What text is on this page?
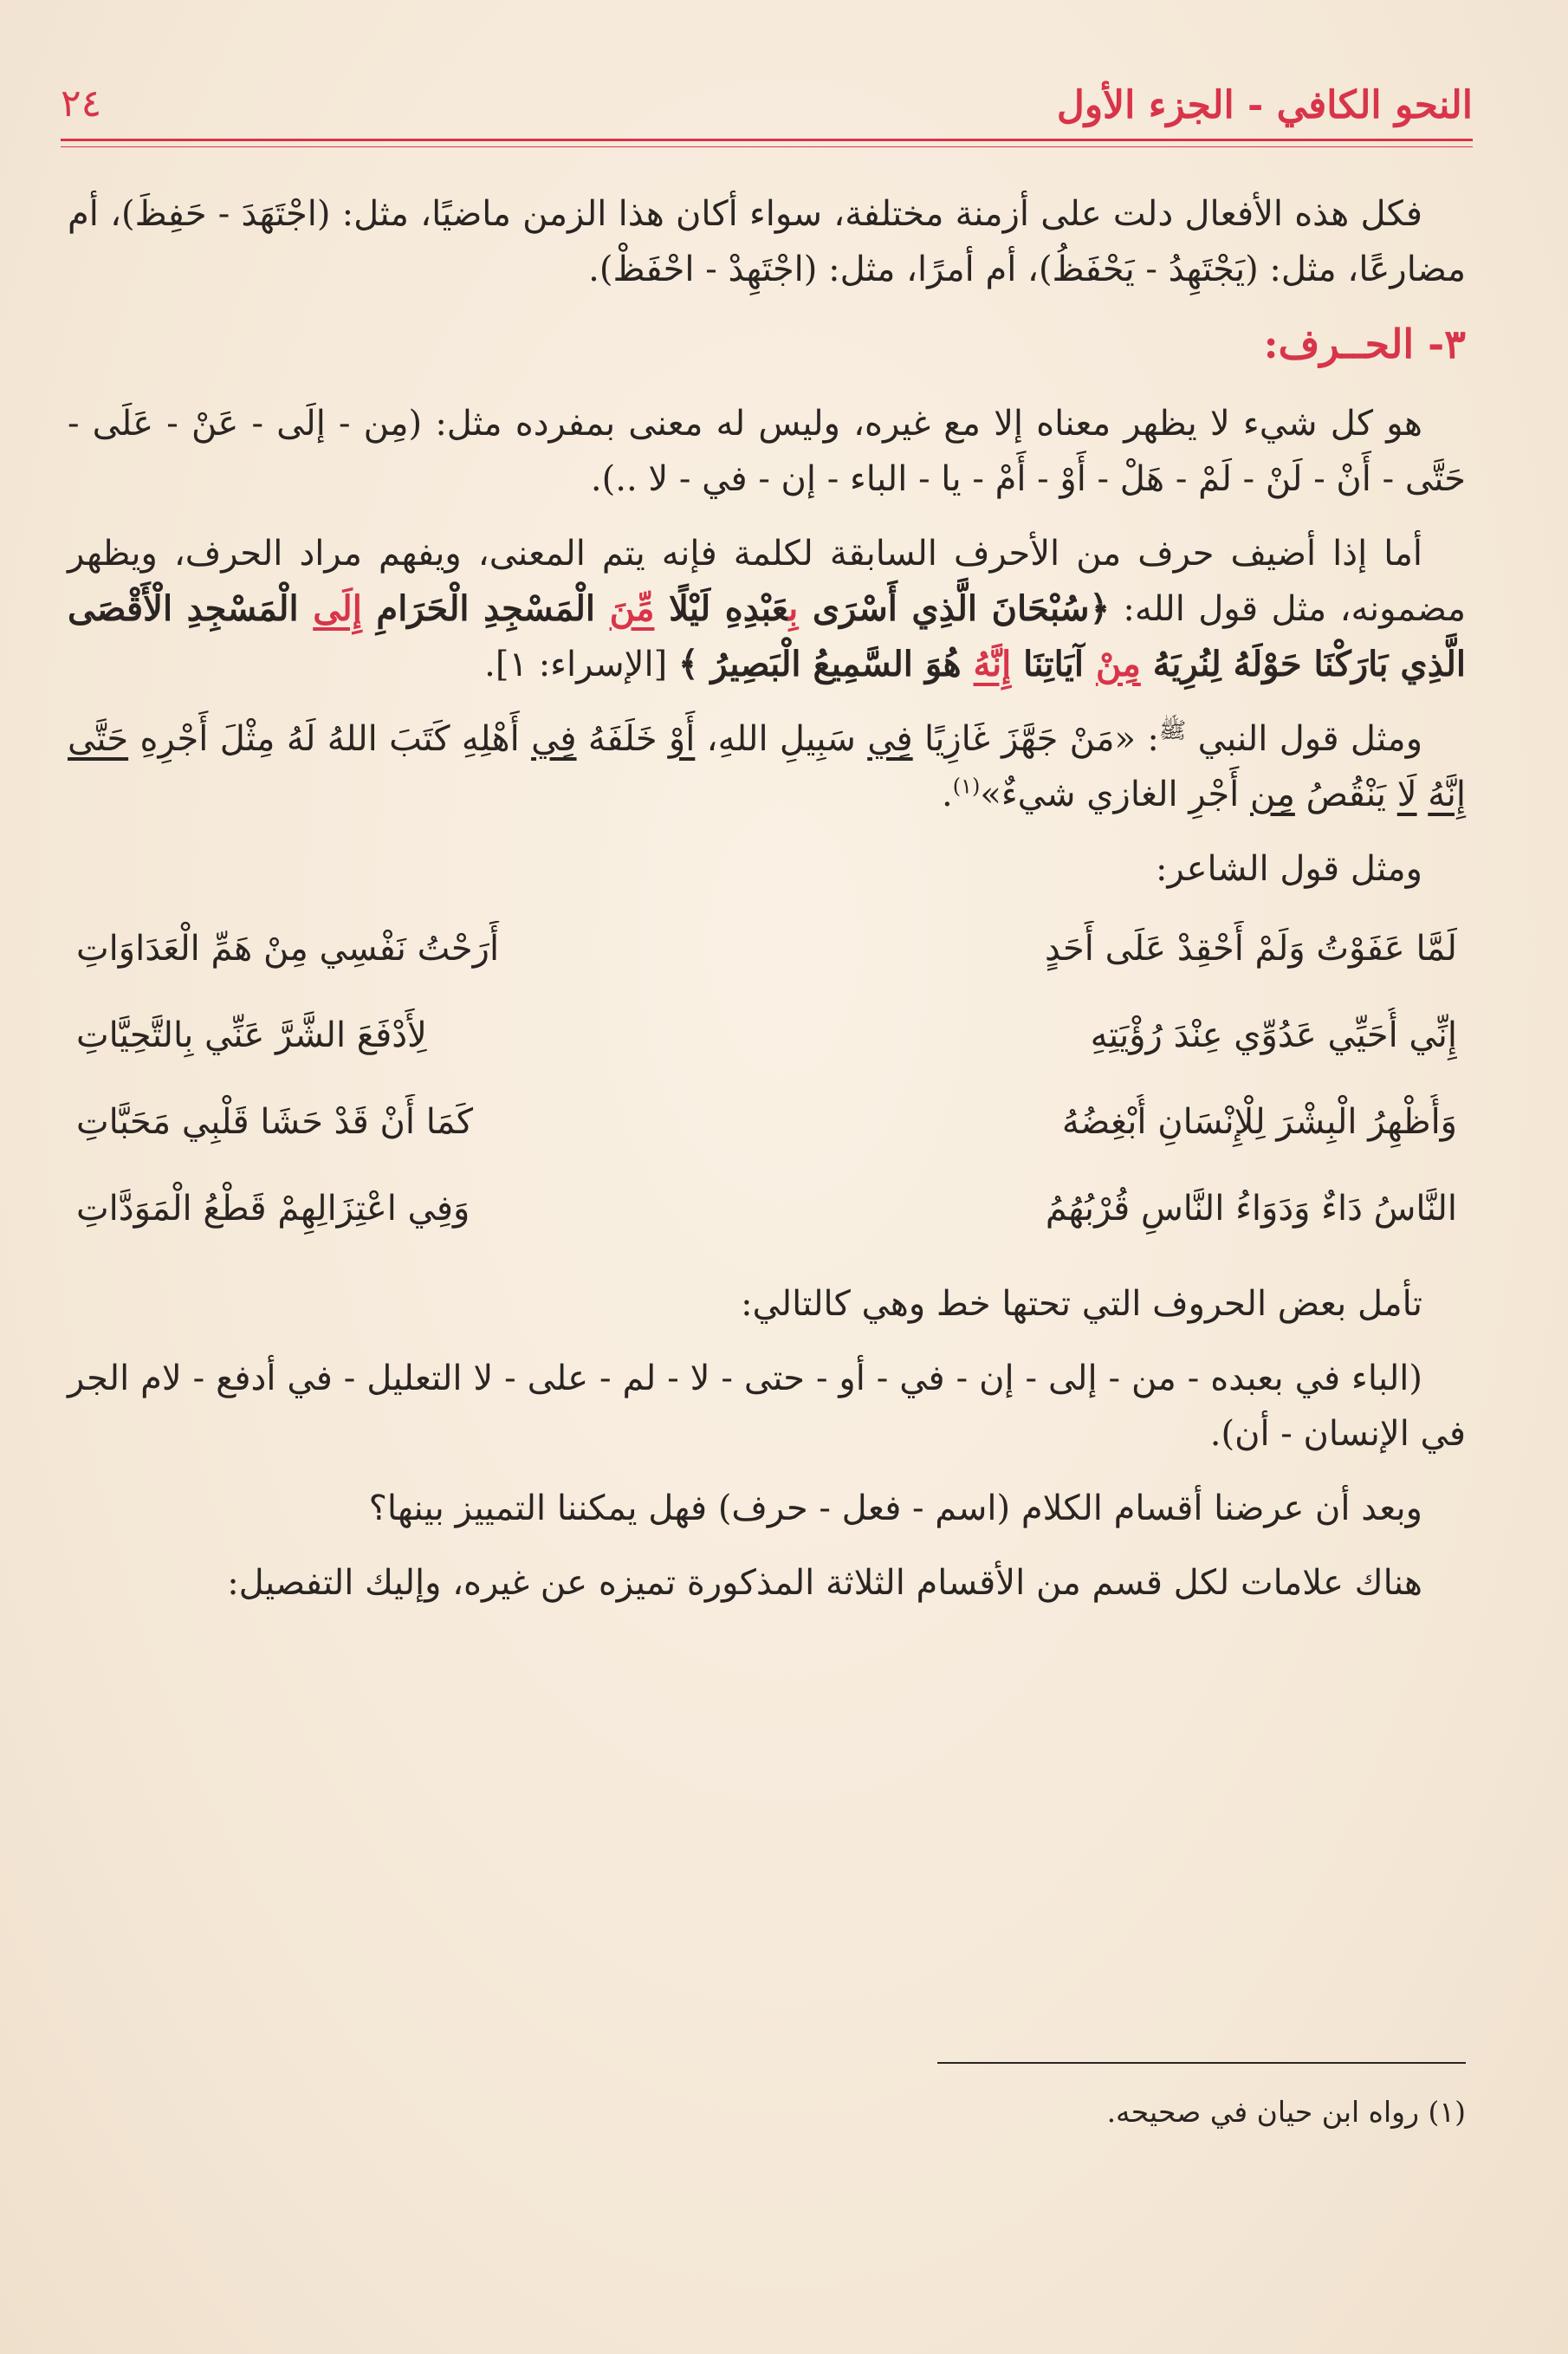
النحو الكافي - الجزء الأول
٢٤

فكل هذه الأفعال دلت على أزمنة مختلفة، سواء أكان هذا الزمن ماضيًا، مثل: (اجْتَهَدَ - حَفِظَ)، أم مضارعًا، مثل: (يَجْتَهِدُ - يَحْفَظُ)، أم أمرًا، مثل: (اجْتَهِدْ - احْفَظْ).

٣- الحــرف:

هو كل شيء لا يظهر معناه إلا مع غيره، وليس له معنى بمفرده مثل: (مِن - إلَى - عَنْ - عَلَى - حَتَّى - أَنْ - لَنْ - لَمْ - هَلْ - أَوْ - أَمْ - يا - الباء - إن - في - لا ..).

أما إذا أضيف حرف من الأحرف السابقة لكلمة فإنه يتم المعنى، ويفهم مراد الحرف، ويظهر مضمونه، مثل قول الله: ﴿سُبْحَانَ الَّذِي أَسْرَى بِعَبْدِهِ لَيْلًا مِّنَ الْمَسْجِدِ الْحَرَامِ إِلَى الْمَسْجِدِ الْأَقْصَى الَّذِي بَارَكْنَا حَوْلَهُ لِنُرِيَهُ مِنْ آيَاتِنَا إِنَّهُ هُوَ السَّمِيعُ الْبَصِيرُ ﴾ [الإسراء: ١].

ومثل قول النبي $^ﷺ$: «مَنْ جَهَّزَ غَازِيًا فِي سَبِيلِ اللهِ، أَوْ خَلَفَهُ فِي أَهْلِهِ كَتَبَ اللهُ لَهُ مِثْلَ أَجْرِهِ حَتَّى إِنَّهُ لَا يَنْقُصُ مِن أَجْرِ الغازي شيءٌ»$^{(١)}$.

ومثل قول الشاعر:

لَمَّا عَفَوْتُ وَلَمْ أَحْقِدْ عَلَى أَحَدٍ
أَرَحْتُ نَفْسِي مِنْ هَمِّ الْعَدَاوَاتِ
إِنِّي أُحَيِّي عَدُوِّي عِنْدَ رُؤْيَتِهِ
لِأَدْفَعَ الشَّرَّ عَنِّي بِالتَّحِيَّاتِ
وَأُظْهِرُ الْبِشْرَ لِلْإِنْسَانِ أُبْغِضُهُ
كَمَا أَنْ قَدْ حَشَا قَلْبِي مَحَبَّاتِ
النَّاسُ دَاءٌ وَدَوَاءُ النَّاسِ قُرْبُهُمُ
وَفِي اعْتِزَالِهِمْ قَطْعُ الْمَوَدَّاتِ

تأمل بعض الحروف التي تحتها خط وهي كالتالي:

(الباء في بعبده - من - إلى - إن - في - أو - حتى - لا - لم - على - لا التعليل - في أدفع - لام الجر في الإنسان - أن).

وبعد أن عرضنا أقسام الكلام (اسم - فعل - حرف) فهل يمكننا التمييز بينها؟

هناك علامات لكل قسم من الأقسام الثلاثة المذكورة تميزه عن غيره، وإليك التفصيل:

(١) رواه ابن حيان في صحيحه.
